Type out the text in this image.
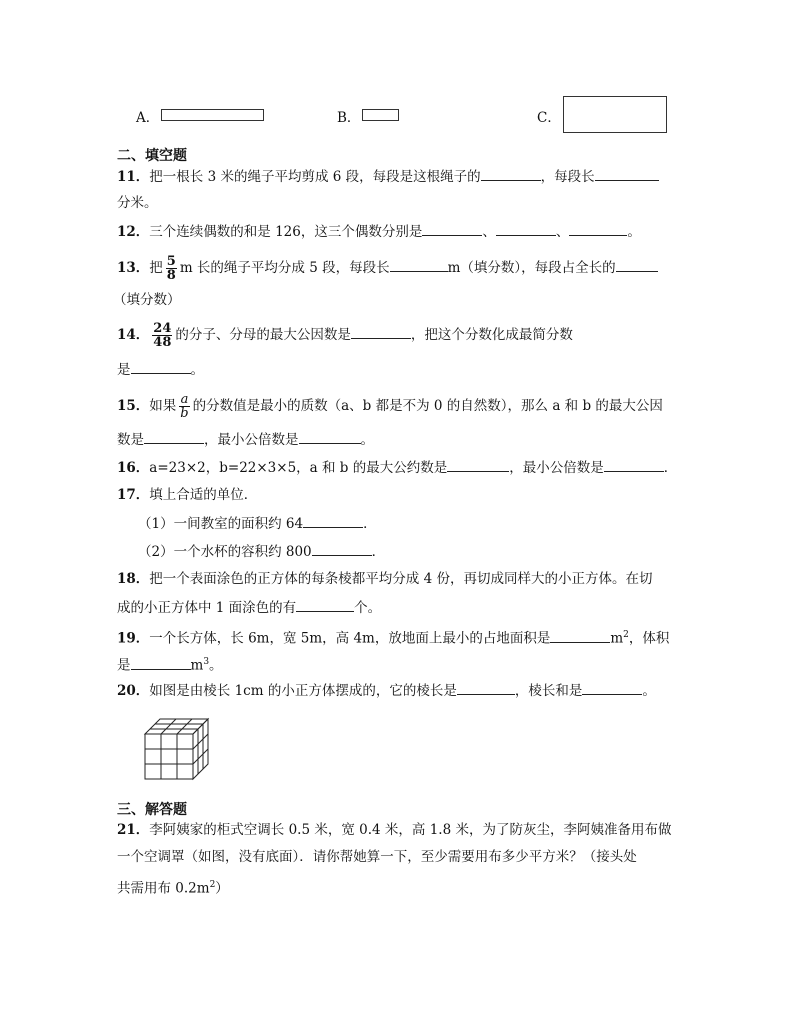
A．	B．	C．
二、填空题
11．把一根长 3 米的绳子平均剪成 6 段，每段是这根绳子的	，每段长
分米。
12．三个连续偶数的和是 126，这三个偶数分别是	、	、	。
13．把 $\frac{5}{8}$ m 长的绳子平均分成 5 段，每段长	m（填分数），每段占全长的
（填分数）
14． $\frac{24}{48}$ 的分子、分母的最大公因数是	，把这个分数化成最简分数
是	。
15．如果 $\frac{a}{b}$ 的分数值是最小的质数（a、b 都是不为 0 的自然数），那么 a 和 b 的最大公因
数是	，最小公倍数是	。
16．a=23×2，b=22×3×5，a 和 b 的最大公约数是	，最小公倍数是	．
17．填上合适的单位．
（1）一间教室的面积约 64	．
（2）一个水杯的容积约 800	．
18．把一个表面涂色的正方体的每条棱都平均分成 4 份，再切成同样大的小正方体。在切
成的小正方体中 1 面涂色的有	个。
19．一个长方体，长 6m，宽 5m，高 4m，放地面上最小的占地面积是	$m^2$，体积
是	$m^3$。
20．如图是由棱长 1cm 的小正方体摆成的，它的棱长是	，棱长和是	。
三、解答题
21．李阿姨家的柜式空调长 0.5 米，宽 0.4 米，高 1.8 米，为了防灰尘，李阿姨准备用布做
一个空调罩（如图，没有底面）．请你帮她算一下，至少需要用布多少平方米？（接头处
共需用布 $0.2m^2$）
